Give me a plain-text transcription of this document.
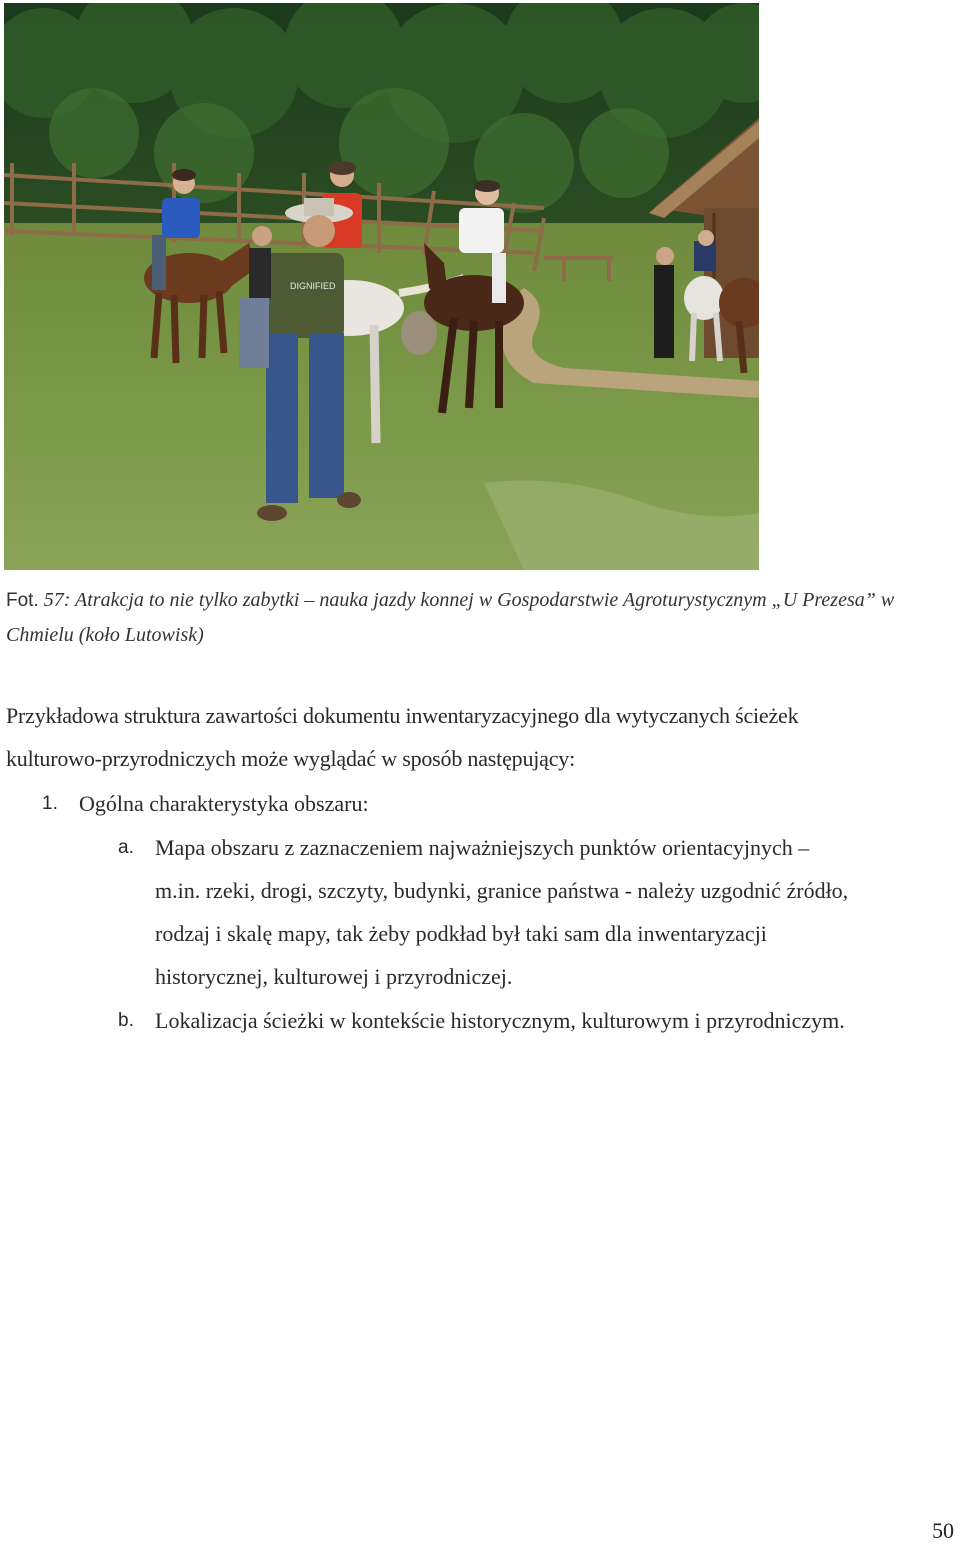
DIGNIFIED
Fot. 57: Atrakcja to nie tylko zabytki – nauka jazdy konnej w Gospodarstwie Agroturystycznym „U Prezesa” w Chmielu (koło Lutowisk)
Przykładowa struktura zawartości dokumentu inwentaryzacyjnego dla wytyczanych ścieżek
kulturowo-przyrodniczych może wyglądać w sposób następujący:
1. Ogólna charakterystyka obszaru:
a. Mapa obszaru z zaznaczeniem najważniejszych punktów orientacyjnych –
m.in. rzeki, drogi, szczyty, budynki, granice państwa - należy uzgodnić źródło,
rodzaj i skalę mapy, tak żeby podkład był taki sam dla inwentaryzacji
historycznej, kulturowej i przyrodniczej.
b. Lokalizacja ścieżki w kontekście historycznym, kulturowym i przyrodniczym.
50
